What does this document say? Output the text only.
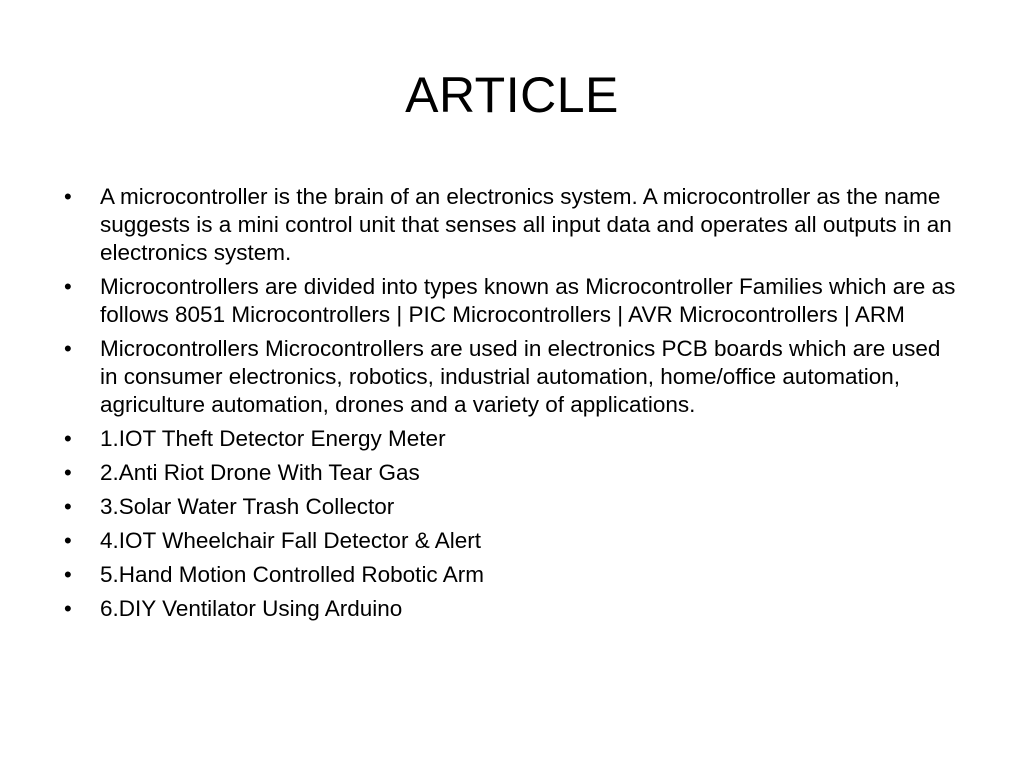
ARTICLE
•	A microcontroller is the brain of an electronics system. A microcontroller as the name suggests is a mini control unit that senses all input data and operates all outputs in an electronics system.
•	Microcontrollers are divided into types known as Microcontroller Families which are as follows 8051 Microcontrollers | PIC Microcontrollers | AVR Microcontrollers | ARM
•	Microcontrollers Microcontrollers are used in electronics PCB boards which are used in consumer electronics, robotics, industrial automation, home/office automation, agriculture automation, drones and a variety of applications.
•	1.IOT Theft Detector Energy Meter
•	2.Anti Riot Drone With Tear Gas
•	3.Solar Water Trash Collector
•	4.IOT Wheelchair Fall Detector & Alert
•	5.Hand Motion Controlled Robotic Arm
•	6.DIY Ventilator Using Arduino
